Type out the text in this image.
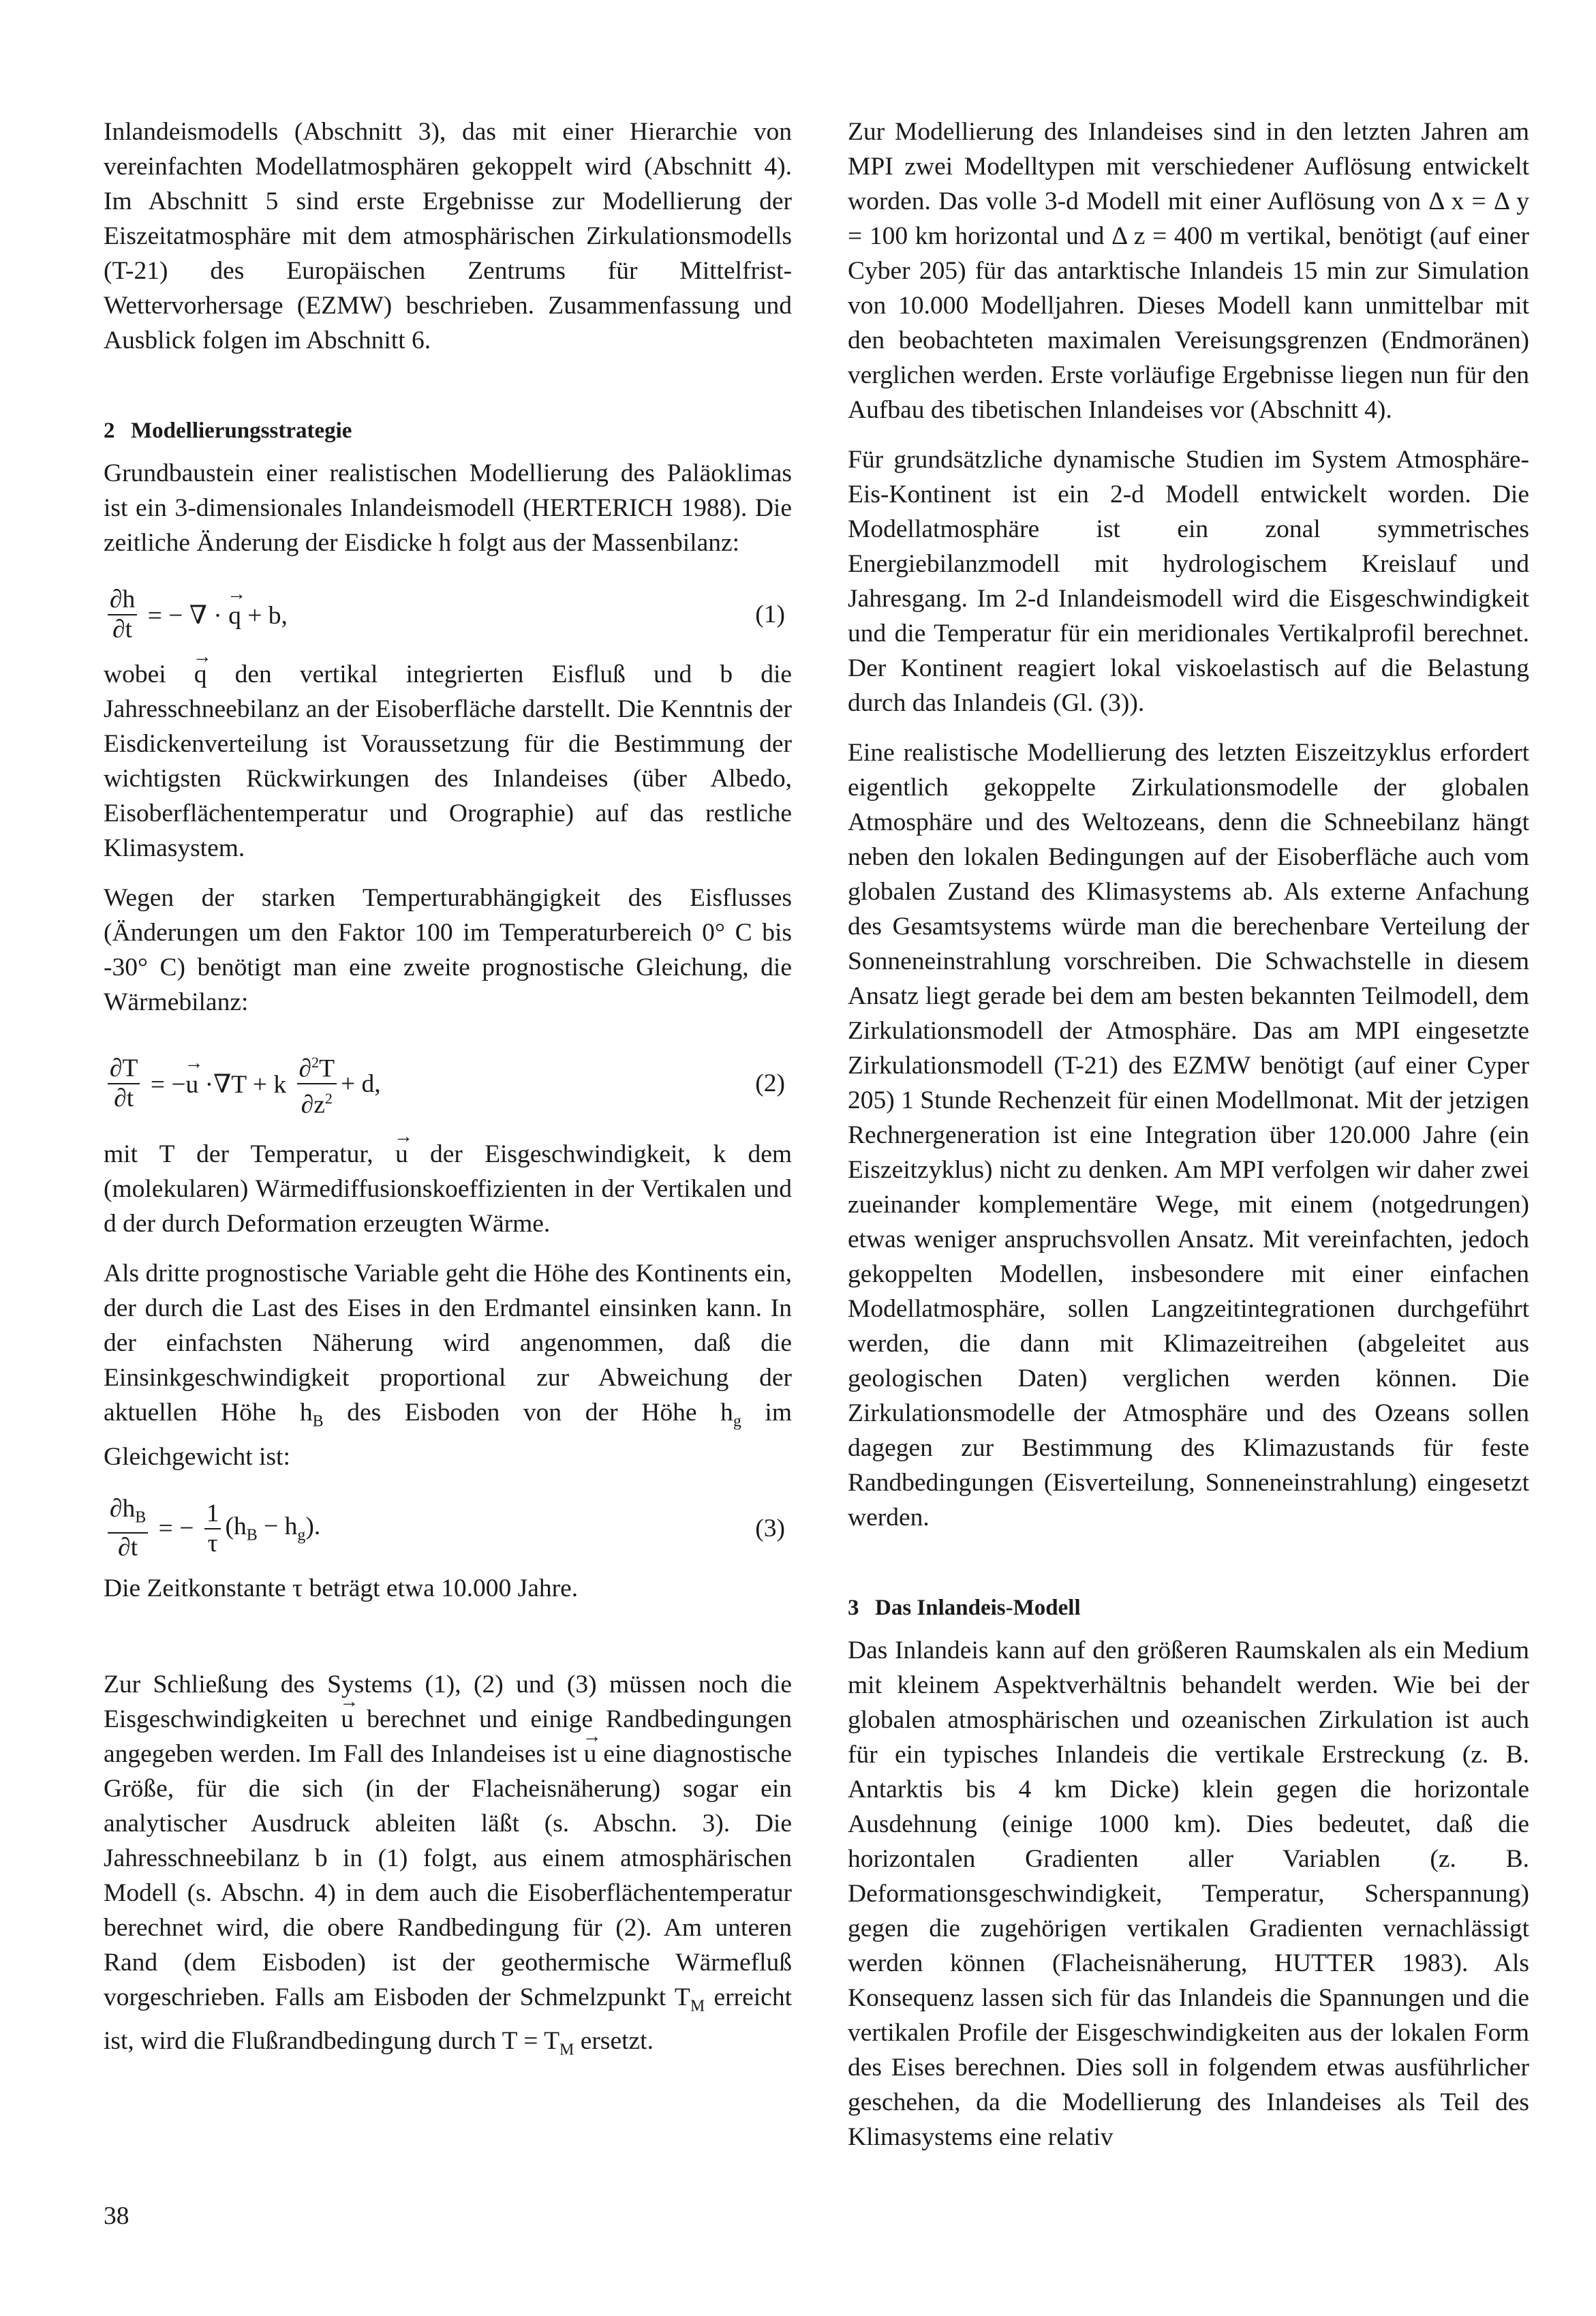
Inlandeismodells (Abschnitt 3), das mit einer Hierarchie von vereinfachten Modellatmosphären gekoppelt wird (Abschnitt 4). Im Abschnitt 5 sind erste Ergebnisse zur Modellierung der Eiszeitatmosphäre mit dem atmosphärischen Zirkulationsmodells (T-21) des Europäischen Zentrums für Mittelfrist-Wettervorhersage (EZMW) beschrieben. Zusammenfassung und Ausblick folgen im Abschnitt 6.

2 Modellierungsstrategie

Grundbaustein einer realistischen Modellierung des Paläoklimas ist ein 3-dimensionales Inlandeismodell (HERTERICH 1988). Die zeitliche Änderung der Eisdicke h folgt aus der Massenbilanz:

$\frac{\partial h}{\partial t}$ = − ∇ · → q + b,	(1)

wobei → q den vertikal integrierten Eisfluß und b die Jahresschneebilanz an der Eisoberfläche darstellt. Die Kenntnis der Eisdickenverteilung ist Voraussetzung für die Bestimmung der wichtigsten Rückwirkungen des Inlandeises (über Albedo, Eisoberflächentemperatur und Orographie) auf das restliche Klimasystem.

Wegen der starken Temperturabhängigkeit des Eisflusses (Änderungen um den Faktor 100 im Temperaturbereich 0° C bis -30° C) benötigt man eine zweite prognostische Gleichung, die Wärmebilanz:

$\frac{\partial T}{\partial t}$ = −→ u ·∇T + k $\frac{\partial^2T}{\partial z^2} + d$,	(2)

mit T der Temperatur, → u der Eisgeschwindigkeit, k dem (molekularen) Wärmediffusionskoeffizienten in der Vertikalen und d der durch Deformation erzeugten Wärme.

Als dritte prognostische Variable geht die Höhe des Kontinents ein, der durch die Last des Eises in den Erdmantel einsinken kann. In der einfachsten Näherung wird angenommen, daß die Einsinkgeschwindigkeit proportional zur Abweichung der aktuellen Höhe $h_B$ des Eisboden von der Höhe $h_g$ im Gleichgewicht ist:

$\frac{\partial h_B}{\partial t}$ = − $\frac{1}{\tau} (h_B - h_g)$.	(3)

Die Zeitkonstante τ beträgt etwa 10.000 Jahre.

Zur Schließung des Systems (1), (2) und (3) müssen noch die Eisgeschwindigkeiten → u berechnet und einige Randbedingungen angegeben werden. Im Fall des Inlandeises ist → u eine diagnostische Größe, für die sich (in der Flacheisnäherung) sogar ein analytischer Ausdruck ableiten läßt (s. Abschn. 3). Die Jahresschneebilanz b in (1) folgt, aus einem atmosphärischen Modell (s. Abschn. 4) in dem auch die Eisoberflächentemperatur berechnet wird, die obere Randbedingung für (2). Am unteren Rand (dem Eisboden) ist der geothermische Wärmefluß vorgeschrieben. Falls am Eisboden der Schmelzpunkt $T_M$ erreicht ist, wird die Flußrandbedingung durch $T = T_M$ ersetzt.

Zur Modellierung des Inlandeises sind in den letzten Jahren am MPI zwei Modelltypen mit verschiedener Auflösung entwickelt worden. Das volle 3-d Modell mit einer Auflösung von Δ x = Δ y = 100 km horizontal und Δ z = 400 m vertikal, benötigt (auf einer Cyber 205) für das antarktische Inlandeis 15 min zur Simulation von 10.000 Modelljahren. Dieses Modell kann unmittelbar mit den beobachteten maximalen Vereisungsgrenzen (Endmoränen) verglichen werden. Erste vorläufige Ergebnisse liegen nun für den Aufbau des tibetischen Inlandeises vor (Abschnitt 4).

Für grundsätzliche dynamische Studien im System Atmosphäre-Eis-Kontinent ist ein 2-d Modell entwickelt worden. Die Modellatmosphäre ist ein zonal symmetrisches Energiebilanzmodell mit hydrologischem Kreislauf und Jahresgang. Im 2-d Inlandeismodell wird die Eisgeschwindigkeit und die Temperatur für ein meridionales Vertikalprofil berechnet. Der Kontinent reagiert lokal viskoelastisch auf die Belastung durch das Inlandeis (Gl. (3)).

Eine realistische Modellierung des letzten Eiszeitzyklus erfordert eigentlich gekoppelte Zirkulationsmodelle der globalen Atmosphäre und des Weltozeans, denn die Schneebilanz hängt neben den lokalen Bedingungen auf der Eisoberfläche auch vom globalen Zustand des Klimasystems ab. Als externe Anfachung des Gesamtsystems würde man die berechenbare Verteilung der Sonneneinstrahlung vorschreiben. Die Schwachstelle in diesem Ansatz liegt gerade bei dem am besten bekannten Teilmodell, dem Zirkulationsmodell der Atmosphäre. Das am MPI eingesetzte Zirkulationsmodell (T-21) des EZMW benötigt (auf einer Cyper 205) 1 Stunde Rechenzeit für einen Modellmonat. Mit der jetzigen Rechnergeneration ist eine Integration über 120.000 Jahre (ein Eiszeitzyklus) nicht zu denken. Am MPI verfolgen wir daher zwei zueinander komplementäre Wege, mit einem (notgedrungen) etwas weniger anspruchsvollen Ansatz. Mit vereinfachten, jedoch gekoppelten Modellen, insbesondere mit einer einfachen Modellatmosphäre, sollen Langzeitintegrationen durchgeführt werden, die dann mit Klimazeitreihen (abgeleitet aus geologischen Daten) verglichen werden können. Die Zirkulationsmodelle der Atmosphäre und des Ozeans sollen dagegen zur Bestimmung des Klimazustands für feste Randbedingungen (Eisverteilung, Sonneneinstrahlung) eingesetzt werden.

3 Das Inlandeis-Modell

Das Inlandeis kann auf den größeren Raumskalen als ein Medium mit kleinem Aspektverhältnis behandelt werden. Wie bei der globalen atmosphärischen und ozeanischen Zirkulation ist auch für ein typisches Inlandeis die vertikale Erstreckung (z. B. Antarktis bis 4 km Dicke) klein gegen die horizontale Ausdehnung (einige 1000 km). Dies bedeutet, daß die horizontalen Gradienten aller Variablen (z. B. Deformationsgeschwindigkeit, Temperatur, Scherspannung) gegen die zugehörigen vertikalen Gradienten vernachlässigt werden können (Flacheisnäherung, HUTTER 1983). Als Konsequenz lassen sich für das Inlandeis die Spannungen und die vertikalen Profile der Eisgeschwindigkeiten aus der lokalen Form des Eises berechnen. Dies soll in folgendem etwas ausführlicher geschehen, da die Modellierung des Inlandeises als Teil des Klimasystems eine relativ

38
